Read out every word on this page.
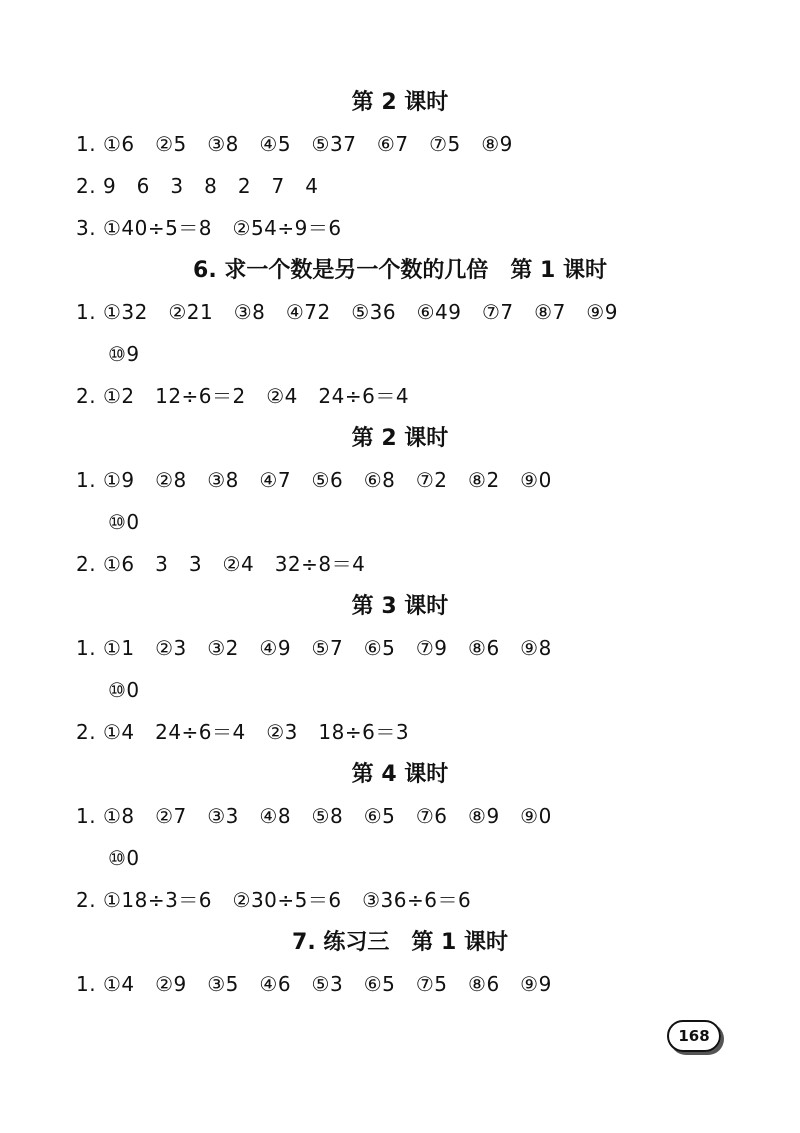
第 2 课时
1. ①6　②5　③8　④5　⑤37　⑥7　⑦5　⑧9
2. 9　6　3　8　2　7　4
3. ①40÷5＝8　②54÷9＝6
6. 求一个数是另一个数的几倍　第 1 课时
1. ①32　②21　③8　④72　⑤36　⑥49　⑦7　⑧7　⑨9
⑩9
2. ①2　12÷6＝2　②4　24÷6＝4
第 2 课时
1. ①9　②8　③8　④7　⑤6　⑥8　⑦2　⑧2　⑨0
⑩0
2. ①6　3　3　②4　32÷8＝4
第 3 课时
1. ①1　②3　③2　④9　⑤7　⑥5　⑦9　⑧6　⑨8
⑩0
2. ①4　24÷6＝4　②3　18÷6＝3
第 4 课时
1. ①8　②7　③3　④8　⑤8　⑥5　⑦6　⑧9　⑨0
⑩0
2. ①18÷3＝6　②30÷5＝6　③36÷6＝6
7. 练习三　第 1 课时
1. ①4　②9　③5　④6　⑤3　⑥5　⑦5　⑧6　⑨9
168
